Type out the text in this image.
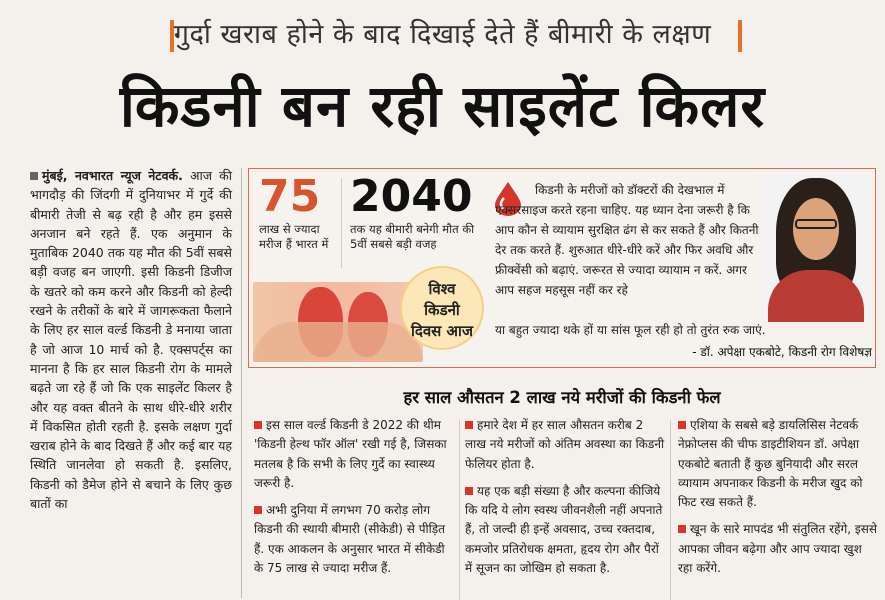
गुर्दा खराब होने के बाद दिखाई देते हैं बीमारी के लक्षण
किडनी बन रही साइलेंट किलर
मुंबई, नवभारत न्यूज नेटवर्क. आज की भागदौड़ की जिंदगी में दुनियाभर में गुर्दे की बीमारी तेजी से बढ़ रही है और हम इससे अनजान बने रहते हैं. एक अनुमान के मुताबिक 2040 तक यह मौत की 5वीं सबसे बड़ी वजह बन जाएगी. इसी किडनी डिजीज के खतरे को कम करने और किडनी को हेल्दी रखने के तरीकों के बारे में जागरूकता फैलाने के लिए हर साल वर्ल्ड किडनी डे मनाया जाता है जो आज 10 मार्च को है. एक्सपर्ट्स का मानना है कि हर साल किडनी रोग के मामले बढ़ते जा रहे हैं जो कि एक साइलेंट किलर है और यह वक्त बीतने के साथ धीरे-धीरे शरीर में विकसित होती रहती है. इसके लक्षण गुर्दा खराब होने के बाद दिखते हैं और कई बार यह स्थिति जानलेवा हो सकती है. इसलिए, किडनी को डैमेज होने से बचाने के लिए कुछ बातों का
75
लाख से ज्यादा मरीज हैं भारत में
2040
तक यह बीमारी बनेगी मौत की 5वीं सबसे बड़ी वजह
विश्व
किडनी
दिवस आज
किडनी के मरीजों को डॉक्टरों की देखभाल में एक्सरसाइज करते रहना चाहिए. यह ध्यान देना जरूरी है कि आप कौन से व्यायाम सुरक्षित ढंग से कर सकते हैं और कितनी देर तक करते हैं. शुरुआत धीरे-धीरे करें और फिर अवधि और फ्रीक्वेंसी को बढ़ाएं. जरूरत से ज्यादा व्यायाम न करें. अगर आप सहज महसूस नहीं कर रहे
या बहुत ज्यादा थके हों या सांस फूल रही हो तो तुरंत रुक जाएं.
- डॉ. अपेक्षा एकबोटे, किडनी रोग विशेषज्ञ
हर साल औसतन 2 लाख नये मरीजों की किडनी फेल

इस साल वर्ल्ड किडनी डे 2022 की थीम 'किडनी हेल्थ फॉर ऑल' रखी गई है, जिसका मतलब है कि सभी के लिए गुर्दे का स्वास्थ्य जरूरी है.

अभी दुनिया में लगभग 70 करोड़ लोग किडनी की स्थायी बीमारी (सीकेडी) से पीड़ित हैं. एक आकलन के अनुसार भारत में सीकेडी के 75 लाख से ज्यादा मरीज हैं.

हमारे देश में हर साल औसतन करीब 2 लाख नये मरीजों को अंतिम अवस्था का किडनी फेलियर होता है.

यह एक बड़ी संख्या है और कल्पना कीजिये कि यदि ये लोग स्वस्थ जीवनशैली नहीं अपनाते हैं, तो जल्दी ही इन्हें अवसाद, उच्च रक्तदाब, कमजोर प्रतिरोधक क्षमता, हृदय रोग और पैरों में सूजन का जोखिम हो सकता है.

एशिया के सबसे बड़े डायलिसिस नेटवर्क नेफ्रोप्लस की चीफ डाइटीशियन डॉ. अपेक्षा एकबोटे बताती हैं कुछ बुनियादी और सरल व्यायाम अपनाकर किडनी के मरीज खुद को फिट रख सकते हैं.

खून के सारे मापदंड भी संतुलित रहेंगे, इससे आपका जीवन बढ़ेगा और आप ज्यादा खुश रहा करेंगे.
